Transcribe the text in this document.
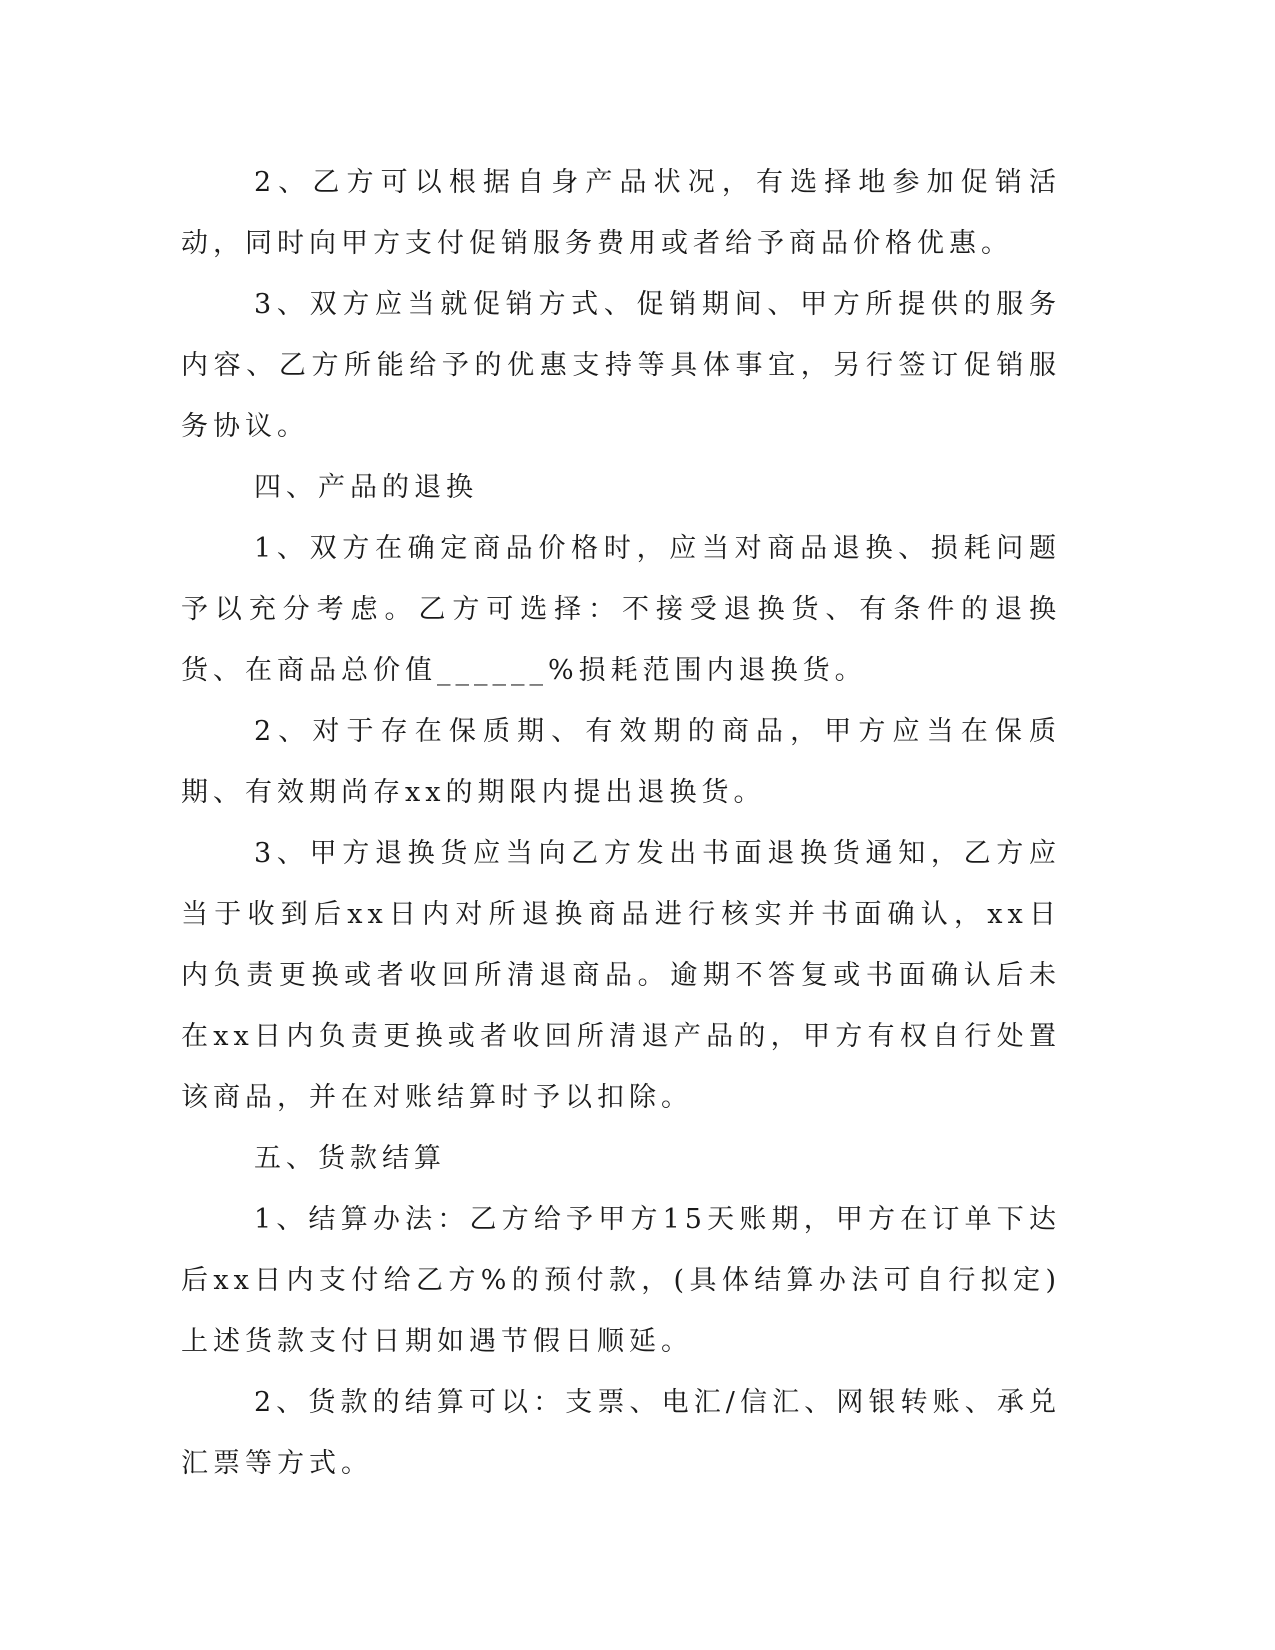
2、乙方可以根据自身产品状况，有选择地参加促销活动，同时向甲方支付促销服务费用或者给予商品价格优惠。

3、双方应当就促销方式、促销期间、甲方所提供的服务内容、乙方所能给予的优惠支持等具体事宜，另行签订促销服务协议。

四、产品的退换

1、双方在确定商品价格时，应当对商品退换、损耗问题予以充分考虑。乙方可选择：不接受退换货、有条件的退换货、在商品总价值______%损耗范围内退换货。

2、对于存在保质期、有效期的商品，甲方应当在保质期、有效期尚存xx的期限内提出退换货。

3、甲方退换货应当向乙方发出书面退换货通知，乙方应当于收到后xx日内对所退换商品进行核实并书面确认，xx日内负责更换或者收回所清退商品。逾期不答复或书面确认后未在xx日内负责更换或者收回所清退产品的，甲方有权自行处置该商品，并在对账结算时予以扣除。

五、货款结算

1、结算办法：乙方给予甲方15天账期，甲方在订单下达后xx日内支付给乙方%的预付款，(具体结算办法可自行拟定)上述货款支付日期如遇节假日顺延。

2、货款的结算可以：支票、电汇/信汇、网银转账、承兑汇票等方式。
